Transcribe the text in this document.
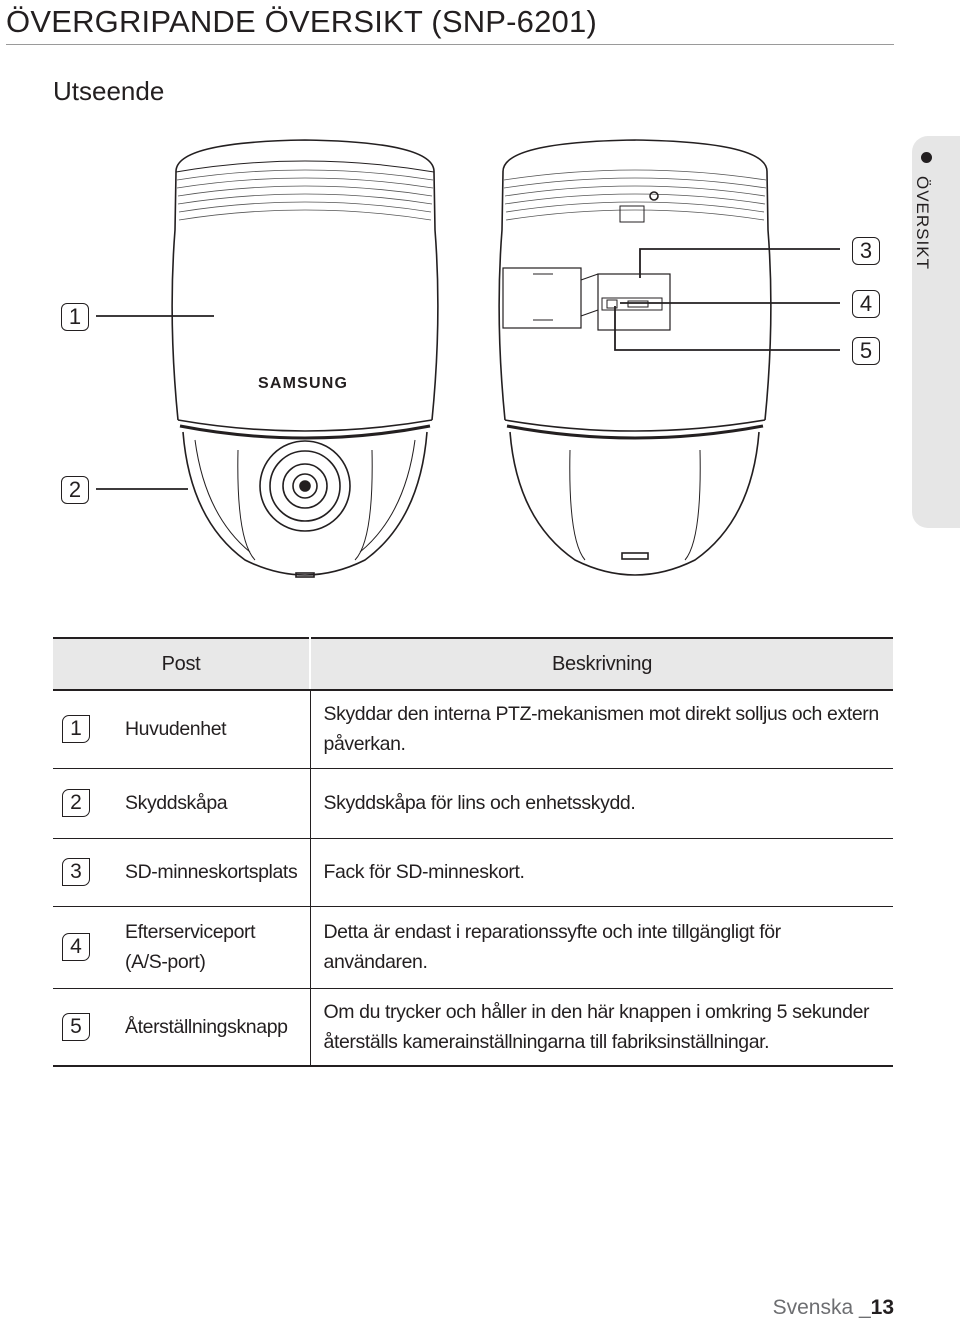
ÖVERGRIPANDE ÖVERSIKT (SNP-6201)
Utseende
ÖVERSIKT
SAMSUNG
1
2
3
4
5
Post	Beskrivning

1 Huvudenhet	Skyddar den interna PTZ-mekanismen mot direkt solljus och extern påverkan.

2 Skyddskåpa	Skyddskåpa för lins och enhetsskydd.

3 SD-minneskortsplats	Fack för SD-minneskort.

4
Efterserviceport
(A/S-port)	Detta är endast i reparationssyfte och inte tillgängligt för användaren.

5 Återställningsknapp	Om du trycker och håller in den här knappen i omkring 5 sekunder
återställs kamerainställningarna till fabriksinställningar.
Svenska _13
